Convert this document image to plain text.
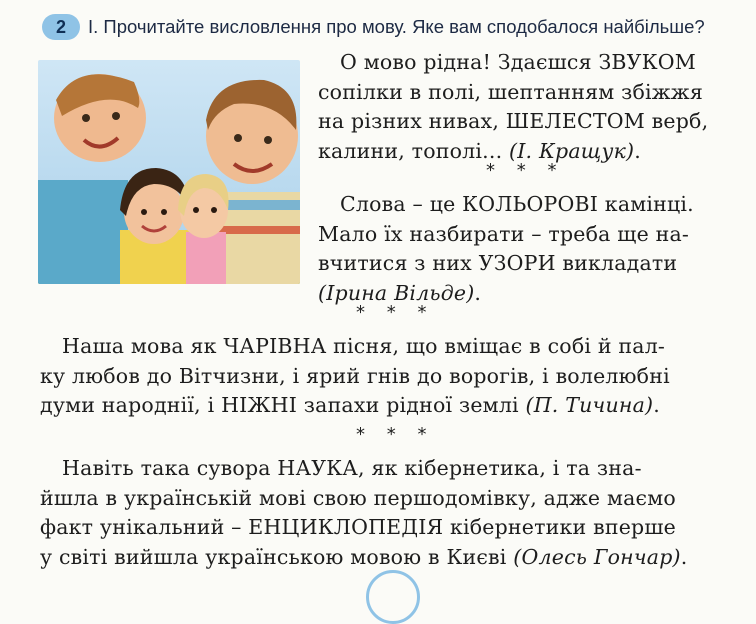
2	І. Прочитайте висловлення про мову. Яке вам сподобалося найбільше?
О мово рідна! Здаєшся ЗВУКОМ
сопілки в полі, шептанням збіжжя
на різних нивах, ШЕЛЕСТОМ верб,
калини, тополі... (І. Кращук).
* * *
Слова – це КОЛЬОРОВІ камінці.
Мало їх назбирати – треба ще на-
вчитися з них УЗОРИ викладати
(Ірина Вільде).
* * *
Наша мова як ЧАРІВНА пісня, що вміщає в собі й пал-
ку любов до Вітчизни, і ярий гнів до ворогів, і волелюбні
думи народнії, і НІЖНІ запахи рідної землі (П. Тичина).
* * *
Навіть така сувора НАУКА, як кібернетика, і та зна-
йшла в українській мові свою першодомівку, адже маємо
факт унікальний – ЕНЦИКЛОПЕДІЯ кібернетики вперше
у світі вийшла українською мовою в Києві (Олесь Гончар).
